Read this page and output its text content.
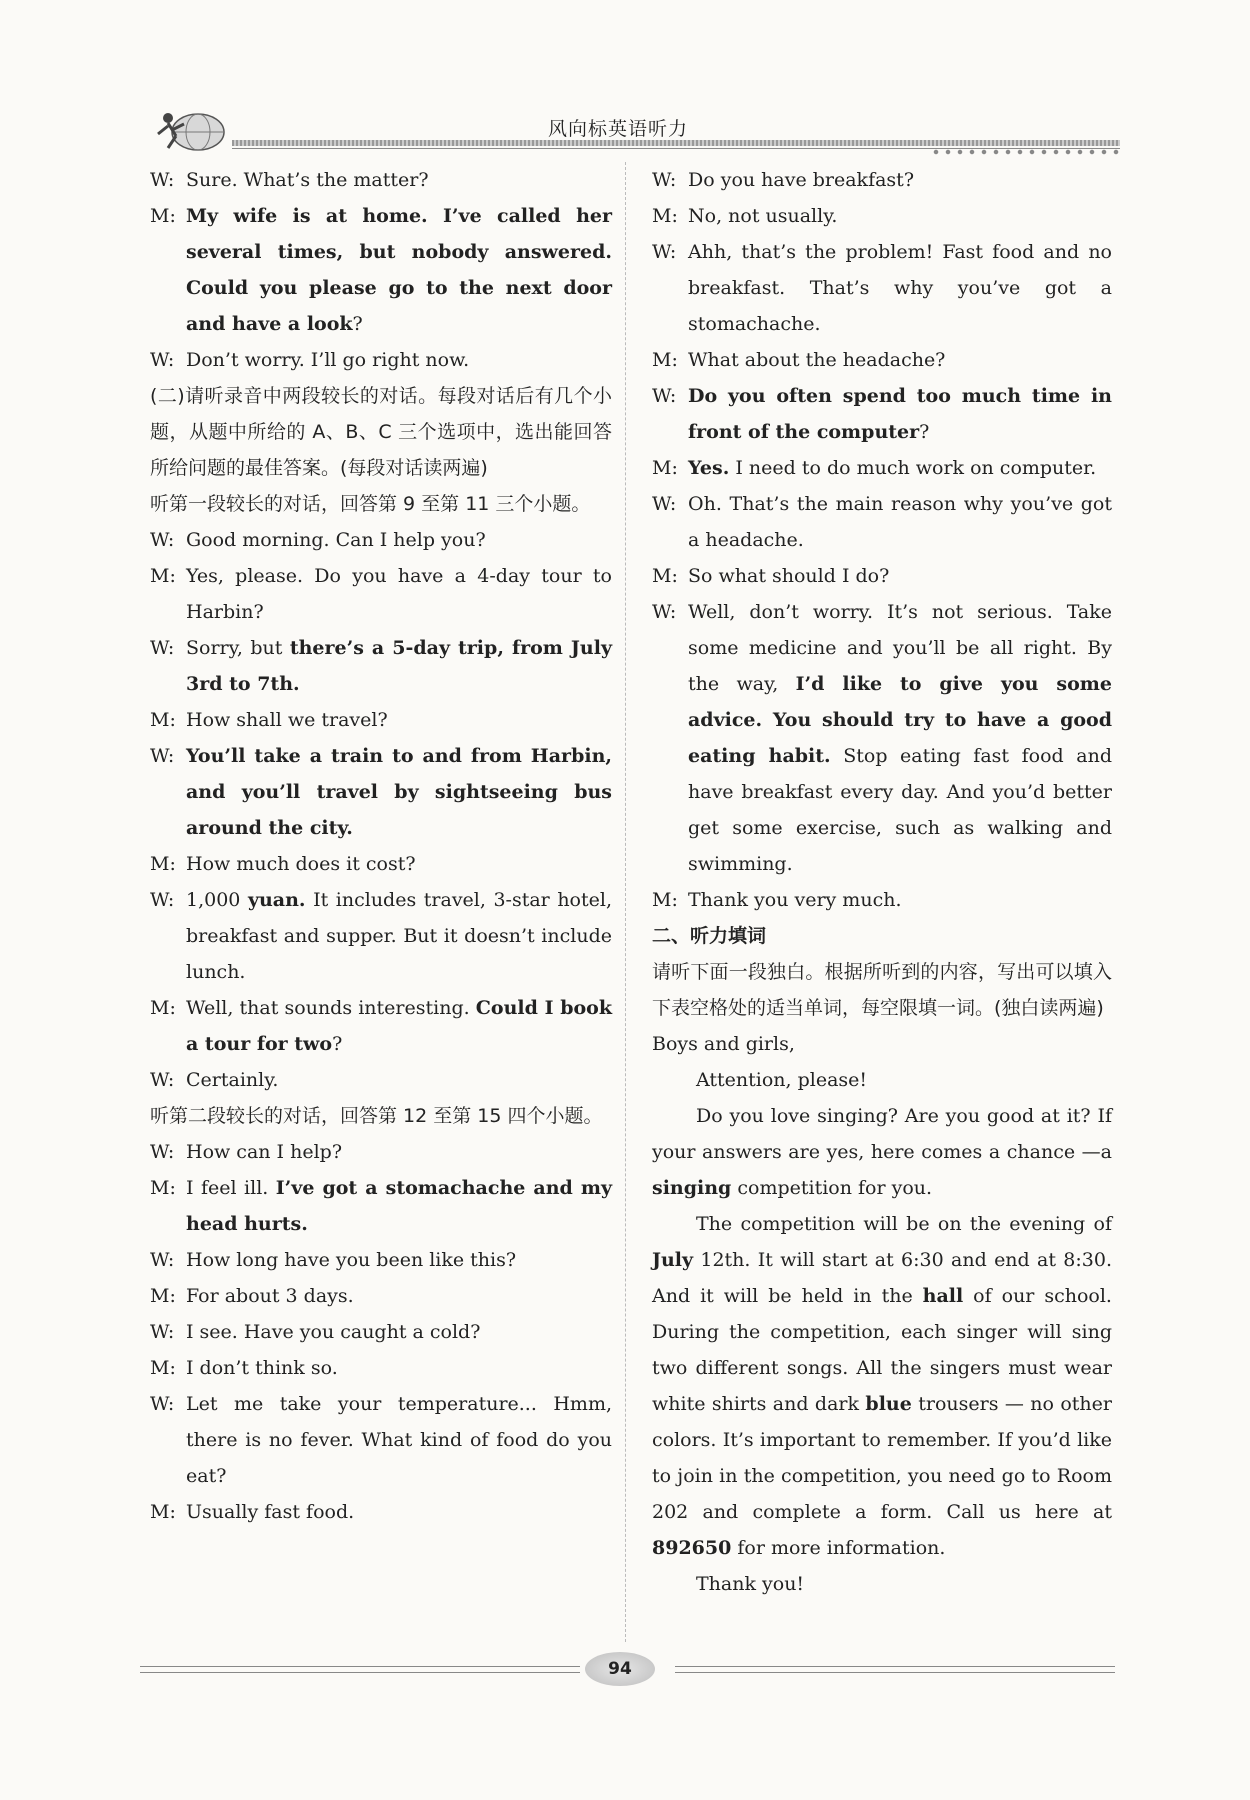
风向标英语听力
W: Sure. What’s the matter?
M: My wife is at home. I’ve called her several times, but nobody answered. Could you please go to the next door and have a look?
W: Don’t worry. I’ll go right now.
(二)请听录音中两段较长的对话。每段对话后有几个小题，从题中所给的 A、B、C 三个选项中，选出能回答所给问题的最佳答案。(每段对话读两遍)
听第一段较长的对话，回答第 9 至第 11 三个小题。
W: Good morning. Can I help you?
M: Yes, please. Do you have a 4-day tour to Harbin?
W: Sorry, but there’s a 5-day trip, from July 3rd to 7th.
M: How shall we travel?
W: You’ll take a train to and from Harbin, and you’ll travel by sightseeing bus around the city.
M: How much does it cost?
W: 1,000 yuan. It includes travel, 3-star hotel, breakfast and supper. But it doesn’t include lunch.
M: Well, that sounds interesting. Could I book a tour for two?
W: Certainly.
听第二段较长的对话，回答第 12 至第 15 四个小题。
W: How can I help?
M: I feel ill. I’ve got a stomachache and my head hurts.
W: How long have you been like this?
M: For about 3 days.
W: I see. Have you caught a cold?
M: I don’t think so.
W: Let me take your temperature... Hmm, there is no fever. What kind of food do you eat?
M: Usually fast food.
W: Do you have breakfast?
M: No, not usually.
W: Ahh, that’s the problem! Fast food and no breakfast. That’s why you’ve got a stomachache.
M: What about the headache?
W: Do you often spend too much time in front of the computer?
M: Yes. I need to do much work on computer.
W: Oh. That’s the main reason why you’ve got a headache.
M: So what should I do?
W: Well, don’t worry. It’s not serious. Take some medicine and you’ll be all right. By the way, I’d like to give you some advice. You should try to have a good eating habit. Stop eating fast food and have breakfast every day. And you’d better get some exercise, such as walking and swimming.
M: Thank you very much.
二、听力填词
请听下面一段独白。根据所听到的内容，写出可以填入下表空格处的适当单词，每空限填一词。(独白读两遍)
Boys and girls,
Attention, please!
Do you love singing? Are you good at it? If your answers are yes, here comes a chance —a singing competition for you.
The competition will be on the evening of July 12th. It will start at 6:30 and end at 8:30. And it will be held in the hall of our school. During the competition, each singer will sing two different songs. All the singers must wear white shirts and dark blue trousers — no other colors. It’s important to remember. If you’d like to join in the competition, you need go to Room 202 and complete a form. Call us here at 892650 for more information.
Thank you!
94
